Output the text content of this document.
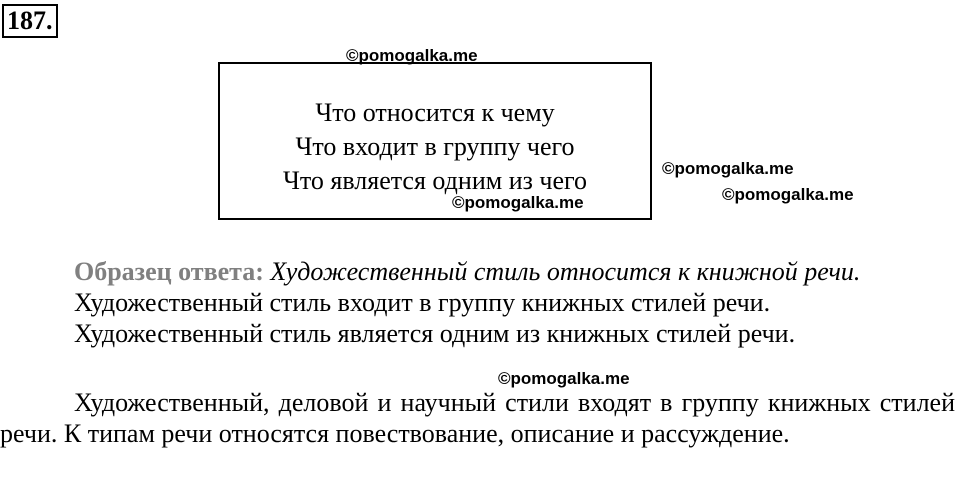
187.
©pomogalka.me
Что относится к чему
Что входит в группу чего
Что является одним из чего
©pomogalka.me
©pomogalka.me
©pomogalka.me

Образец ответа: Художественный стиль относится к книжной речи.

Художественный стиль входит в группу книжных стилей речи.

Художественный стиль является одним из книжных стилей речи.

©pomogalka.me
Художественный, деловой и научный стили входят в группу книжных стилей речи. К типам речи относятся повествование, описание и рассуждение.
